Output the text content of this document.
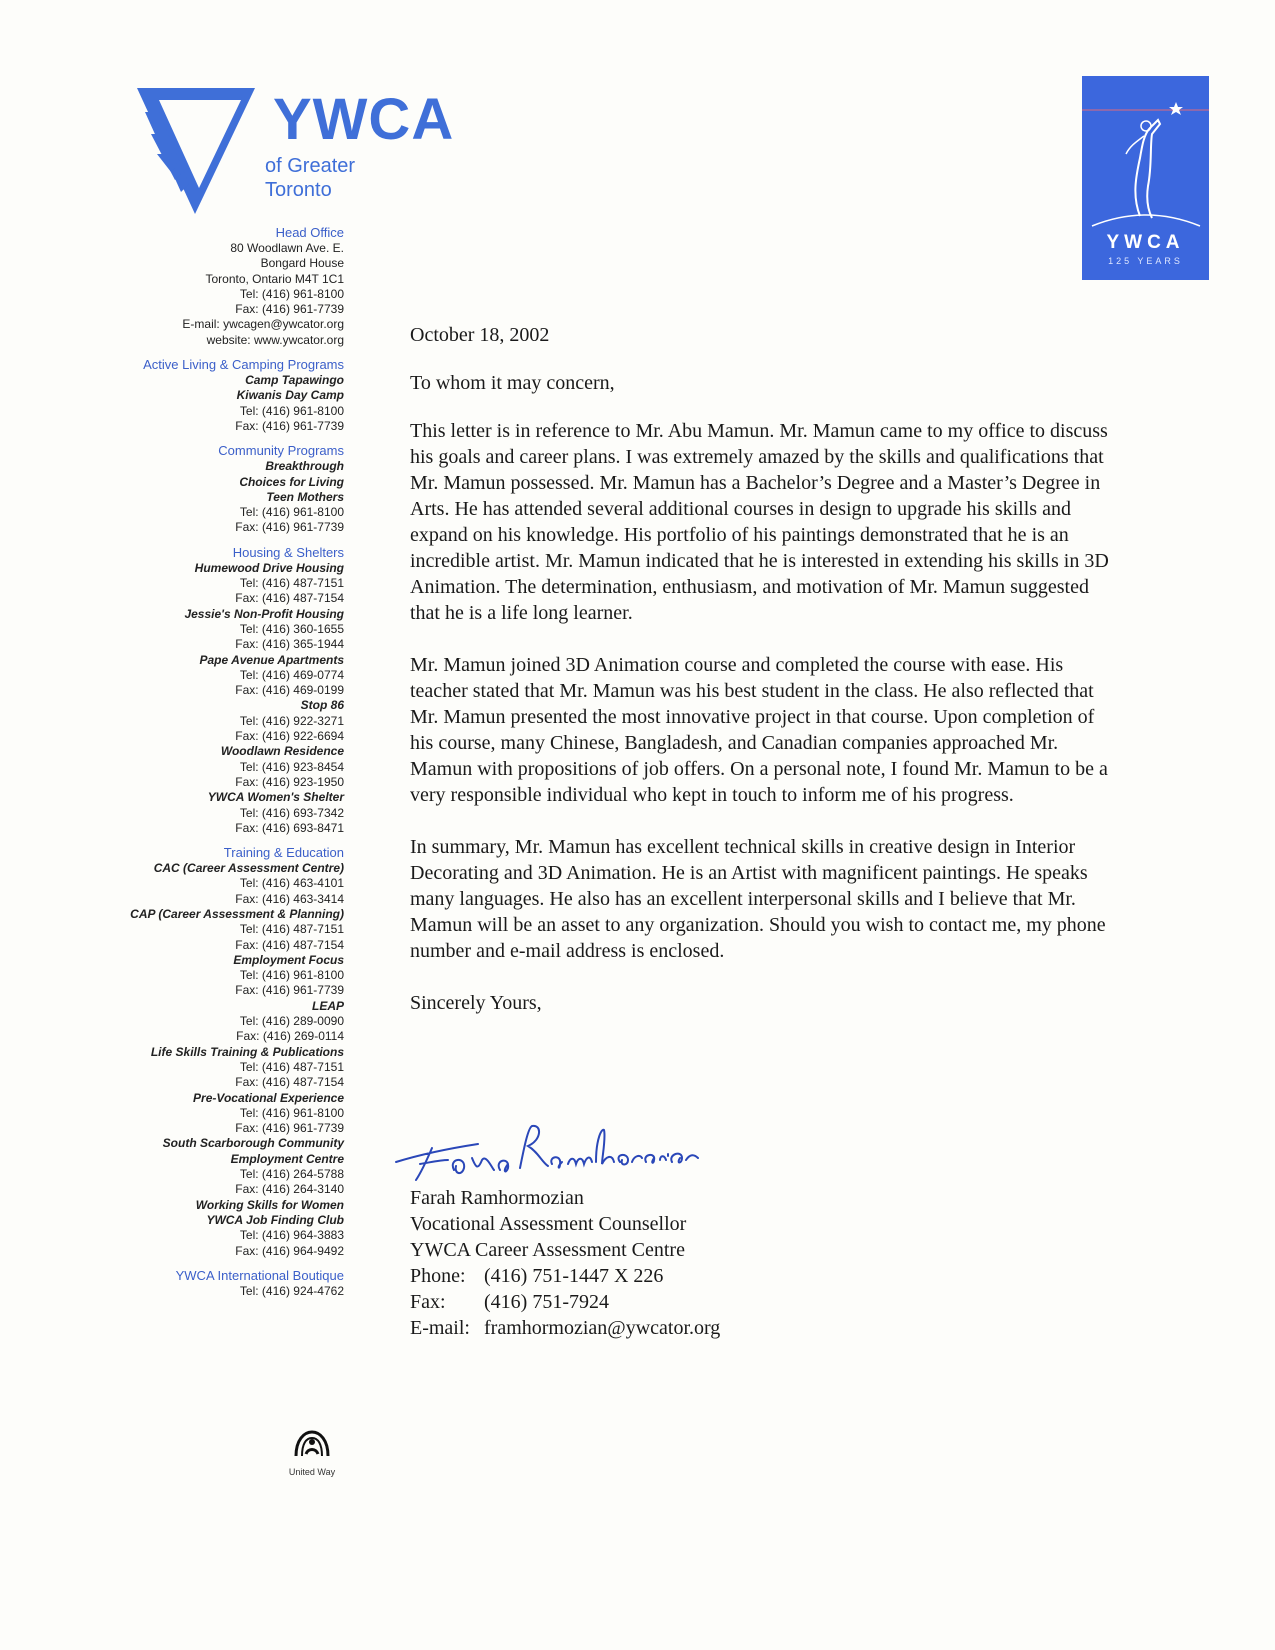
YWCA
of Greater
Toronto
YWCA
125 YEARS
Head Office
80 Woodlawn Ave. E.
Bongard House
Toronto, Ontario M4T 1C1
Tel: (416) 961-8100
Fax: (416) 961-7739
E-mail: ywcagen@ywcator.org
website: www.ywcator.org
Active Living & Camping Programs
Camp Tapawingo
Kiwanis Day Camp
Tel: (416) 961-8100
Fax: (416) 961-7739
Community Programs
Breakthrough
Choices for Living
Teen Mothers
Tel: (416) 961-8100
Fax: (416) 961-7739
Housing & Shelters
Humewood Drive Housing
Tel: (416) 487-7151
Fax: (416) 487-7154
Jessie's Non-Profit Housing
Tel: (416) 360-1655
Fax: (416) 365-1944
Pape Avenue Apartments
Tel: (416) 469-0774
Fax: (416) 469-0199
Stop 86
Tel: (416) 922-3271
Fax: (416) 922-6694
Woodlawn Residence
Tel: (416) 923-8454
Fax: (416) 923-1950
YWCA Women's Shelter
Tel: (416) 693-7342
Fax: (416) 693-8471
Training & Education
CAC (Career Assessment Centre)
Tel: (416) 463-4101
Fax: (416) 463-3414
CAP (Career Assessment & Planning)
Tel: (416) 487-7151
Fax: (416) 487-7154
Employment Focus
Tel: (416) 961-8100
Fax: (416) 961-7739
LEAP
Tel: (416) 289-0090
Fax: (416) 269-0114
Life Skills Training & Publications
Tel: (416) 487-7151
Fax: (416) 487-7154
Pre-Vocational Experience
Tel: (416) 961-8100
Fax: (416) 961-7739
South Scarborough Community
Employment Centre
Tel: (416) 264-5788
Fax: (416) 264-3140
Working Skills for Women
YWCA Job Finding Club
Tel: (416) 964-3883
Fax: (416) 964-9492
YWCA International Boutique
Tel: (416) 924-4762

October 18, 2002

To whom it may concern,

This letter is in reference to Mr. Abu Mamun. Mr. Mamun came to my office to discuss his goals and career plans. I was extremely amazed by the skills and qualifications that Mr. Mamun possessed. Mr. Mamun has a Bachelor’s Degree and a Master’s Degree in Arts. He has attended several additional courses in design to upgrade his skills and expand on his knowledge. His portfolio of his paintings demonstrated that he is an incredible artist. Mr. Mamun indicated that he is interested in extending his skills in 3D Animation. The determination, enthusiasm, and motivation of Mr. Mamun suggested that he is a life long learner.

Mr. Mamun joined 3D Animation course and completed the course with ease. His teacher stated that Mr. Mamun was his best student in the class. He also reflected that Mr. Mamun presented the most innovative project in that course. Upon completion of his course, many Chinese, Bangladesh, and Canadian companies approached Mr. Mamun with propositions of job offers. On a personal note, I found Mr. Mamun to be a very responsible individual who kept in touch to inform me of his progress.

In summary, Mr. Mamun has excellent technical skills in creative design in Interior Decorating and 3D Animation. He is an Artist with magnificent paintings. He speaks many languages. He also has an excellent interpersonal skills and I believe that Mr. Mamun will be an asset to any organization. Should you wish to contact me, my phone number and e-mail address is enclosed.

Sincerely Yours,

Farah Ramhormozian
Vocational Assessment Counsellor
YWCA Career Assessment Centre
Phone: (416) 751-1447 X 226
Fax: (416) 751-7924
E-mail: framhormozian@ywcator.org
United Way
